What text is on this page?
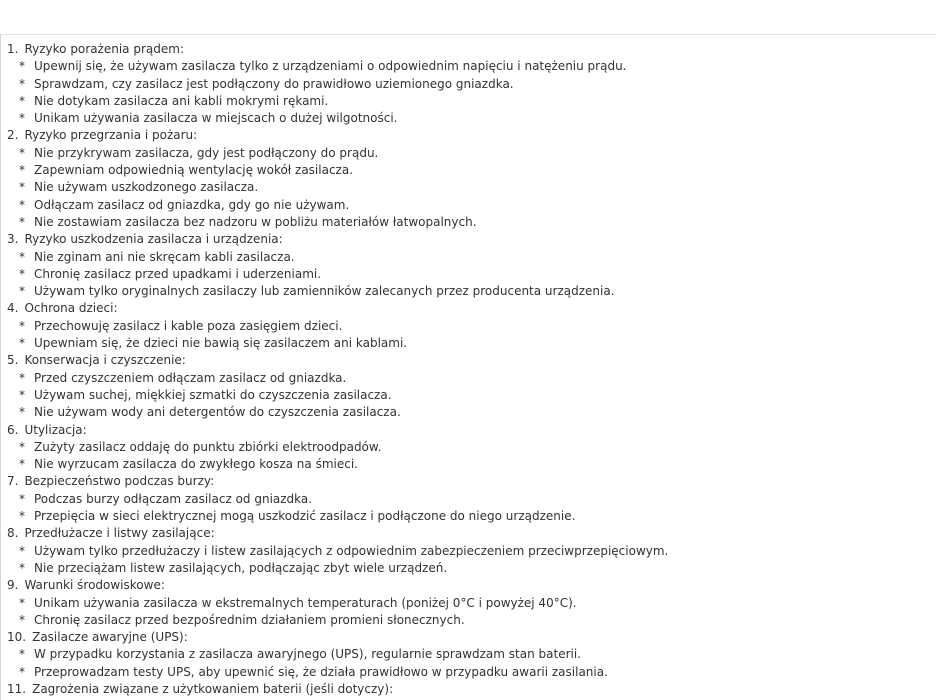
1. Ryzyko porażenia prądem:
* Upewnij się, że używam zasilacza tylko z urządzeniami o odpowiednim napięciu i natężeniu prądu.
* Sprawdzam, czy zasilacz jest podłączony do prawidłowo uziemionego gniazdka.
* Nie dotykam zasilacza ani kabli mokrymi rękami.
* Unikam używania zasilacza w miejscach o dużej wilgotności.
2. Ryzyko przegrzania i pożaru:
* Nie przykrywam zasilacza, gdy jest podłączony do prądu.
* Zapewniam odpowiednią wentylację wokół zasilacza.
* Nie używam uszkodzonego zasilacza.
* Odłączam zasilacz od gniazdka, gdy go nie używam.
* Nie zostawiam zasilacza bez nadzoru w pobliżu materiałów łatwopalnych.
3. Ryzyko uszkodzenia zasilacza i urządzenia:
* Nie zginam ani nie skręcam kabli zasilacza.
* Chronię zasilacz przed upadkami i uderzeniami.
* Używam tylko oryginalnych zasilaczy lub zamienników zalecanych przez producenta urządzenia.
4. Ochrona dzieci:
* Przechowuję zasilacz i kable poza zasięgiem dzieci.
* Upewniam się, że dzieci nie bawią się zasilaczem ani kablami.
5. Konserwacja i czyszczenie:
* Przed czyszczeniem odłączam zasilacz od gniazdka.
* Używam suchej, miękkiej szmatki do czyszczenia zasilacza.
* Nie używam wody ani detergentów do czyszczenia zasilacza.
6. Utylizacja:
* Zużyty zasilacz oddaję do punktu zbiórki elektroodpadów.
* Nie wyrzucam zasilacza do zwykłego kosza na śmieci.
7. Bezpieczeństwo podczas burzy:
* Podczas burzy odłączam zasilacz od gniazdka.
* Przepięcia w sieci elektrycznej mogą uszkodzić zasilacz i podłączone do niego urządzenie.
8. Przedłużacze i listwy zasilające:
* Używam tylko przedłużaczy i listew zasilających z odpowiednim zabezpieczeniem przeciwprzepięciowym.
* Nie przeciążam listew zasilających, podłączając zbyt wiele urządzeń.
9. Warunki środowiskowe:
* Unikam używania zasilacza w ekstremalnych temperaturach (poniżej 0°C i powyżej 40°C).
* Chronię zasilacz przed bezpośrednim działaniem promieni słonecznych.
10. Zasilacze awaryjne (UPS):
* W przypadku korzystania z zasilacza awaryjnego (UPS), regularnie sprawdzam stan baterii.
* Przeprowadzam testy UPS, aby upewnić się, że działa prawidłowo w przypadku awarii zasilania.
11. Zagrożenia związane z użytkowaniem baterii (jeśli dotyczy):
